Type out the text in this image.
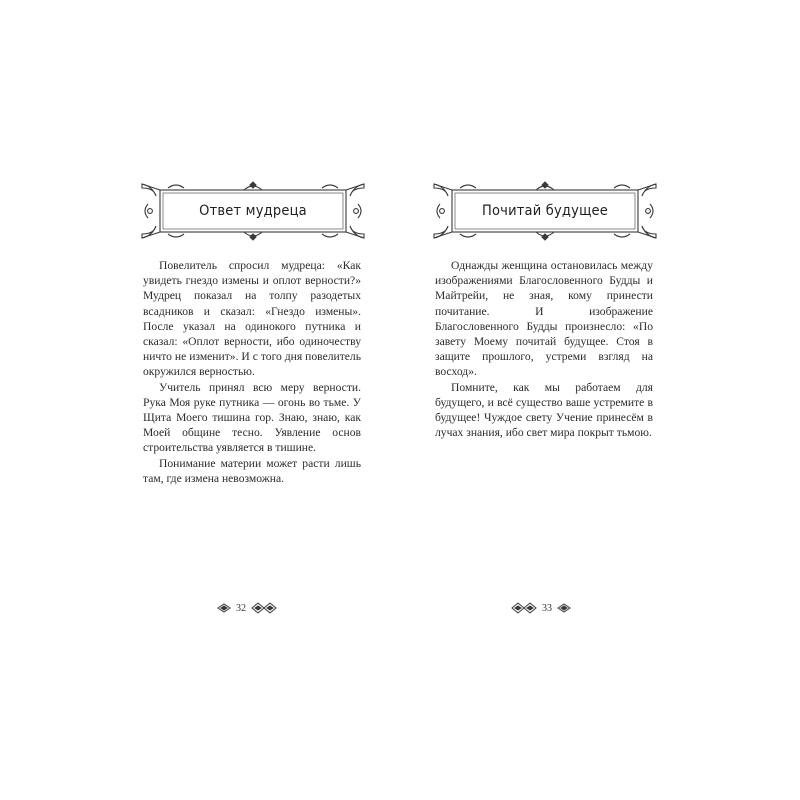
Ответ мудреца

Повелитель спросил мудреца: «Как увидеть гнездо измены и оплот верности?» Мудрец показал на толпу разодетых всадников и сказал: «Гнездо измены». После указал на одинокого путника и сказал: «Оплот верности, ибо одиночеству ничто не изменит». И с того дня повелитель окружился верностью.

Учитель принял всю меру верности. Рука Моя руке путника — огонь во тьме. У Щита Моего тишина гор. Знаю, знаю, как Моей общине тесно. Уявление основ строительства уявляется в тишине.

Понимание материи может расти лишь там, где измена невозможна.

32
Почитай будущее

Однажды женщина остановилась между изображениями Благословенного Будды и Майтрейи, не зная, кому принести почитание. И изображение Благословенного Будды произнесло: «По завету Моему почитай будущее. Стоя в защите прошлого, устреми взгляд на восход».

Помните, как мы работаем для будущего, и всё существо ваше устремите в будущее! Чуждое свету Учение принесём в лучах знания, ибо свет мира покрыт тьмою.

33
